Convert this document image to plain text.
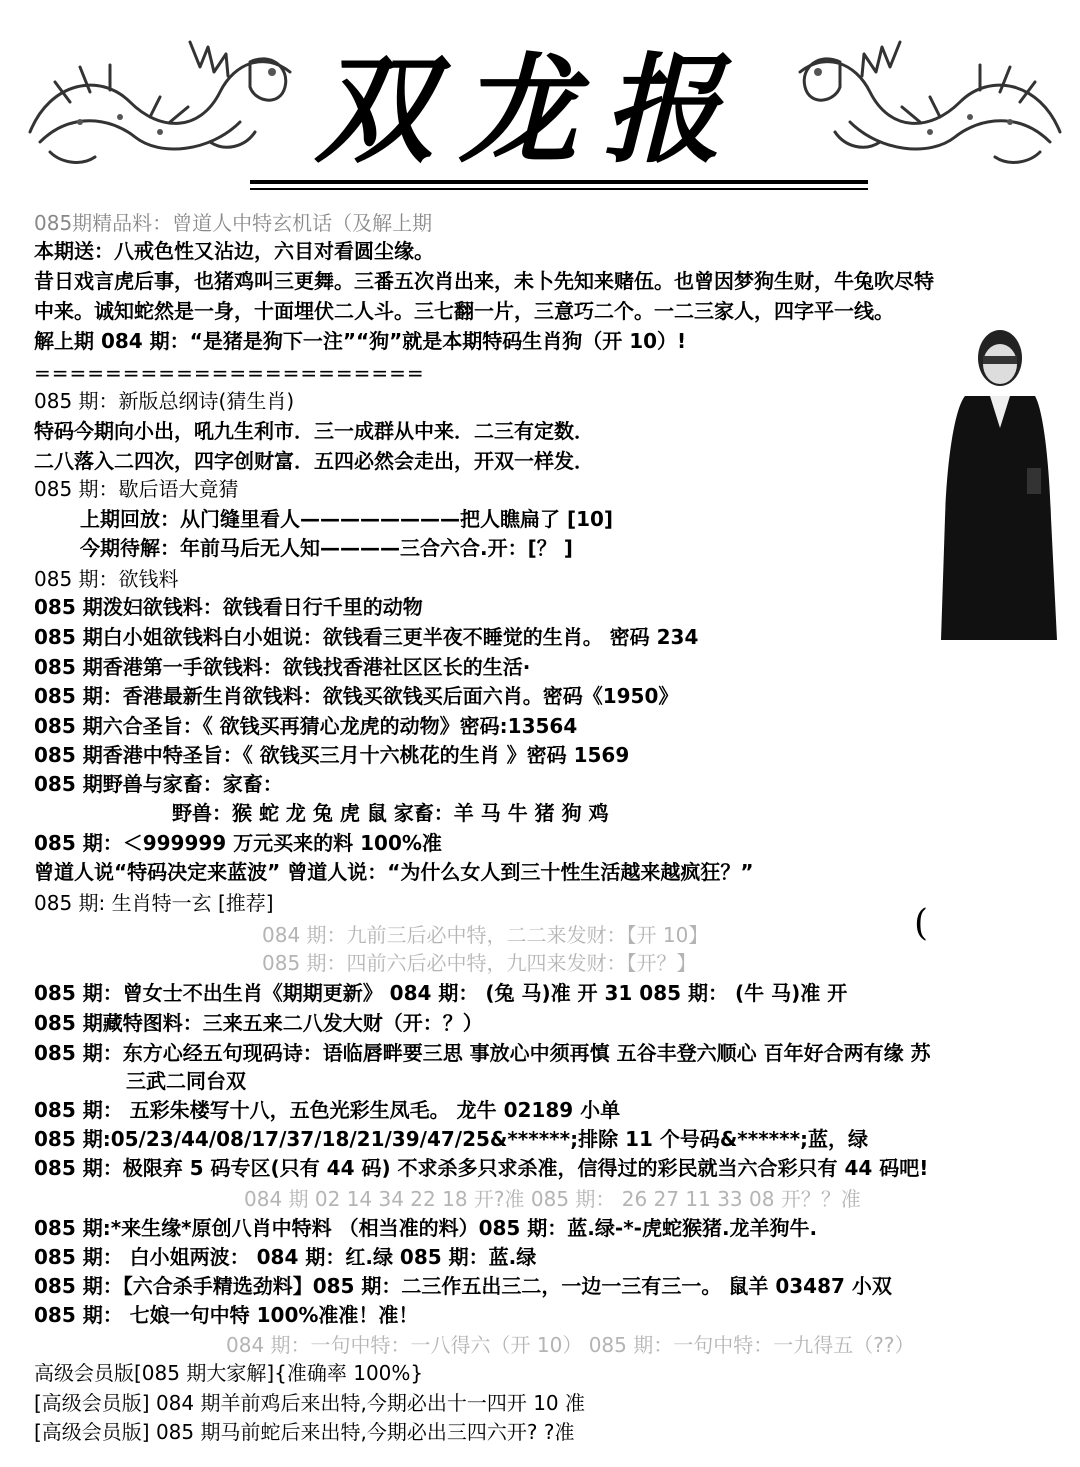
双龙报
(
085期精品料：曾道人中特玄机话（及解上期
本期送：八戒色性又沾边，六目对看圆尘缘。
昔日戏言虎后事，也猪鸡叫三更舞。三番五次肖出来，未卜先知来赌伍。也曾因梦狗生财，牛兔吹尽特
中来。诚知蛇然是一身，十面埋伏二人斗。三七翻一片，三意巧二个。一二三家人，四字平一线。
解上期 084 期：“是猪是狗下一注”“狗”就是本期特码生肖狗（开 10）!
======================
085 期：新版总纲诗(猜生肖)
特码今期向小出，吼九生利市．三一成群从中来．二三有定数．
二八落入二四次，四字创财富．五四必然会走出，开双一样发．
085 期：歇后语大竟猜
上期回放：从门缝里看人————————把人瞧扁了 [10]
今期待解：年前马后无人知————三合六合.开：[？ ]
085 期：欲钱料
085 期泼妇欲钱料：欲钱看日行千里的动物
085 期白小姐欲钱料白小姐说：欲钱看三更半夜不睡觉的生肖。 密码 234
085 期香港第一手欲钱料：欲钱找香港社区区长的生活·
085 期：香港最新生肖欲钱料：欲钱买欲钱买后面六肖。密码《1950》
085 期六合圣旨：《 欲钱买再猜心龙虎的动物》密码:13564
085 期香港中特圣旨：《 欲钱买三月十六桃花的生肖 》密码 1569
085 期野兽与家畜：家畜：
野兽：猴 蛇 龙 兔 虎 鼠 家畜：羊 马 牛 猪 狗 鸡
085 期：＜999999 万元买来的料 100%准
曾道人说“特码决定来蓝波” 曾道人说：“为什么女人到三十性生活越来越疯狂？”
085 期: 生肖特一玄 [推荐]
084 期：九前三后必中特，二二来发财：【开 10】
085 期：四前六后必中特，九四来发财：【开？】
085 期：曾女士不出生肖《期期更新》 084 期： (兔 马)准 开 31 085 期： (牛 马)准 开
085 期藏特图料：三来五来二八发大财（开：？）
085 期：东方心经五句现码诗：语临唇畔要三思 事放心中须再慎 五谷丰登六顺心 百年好合两有缘 苏
三武二同台双
085 期： 五彩朱楼写十八，五色光彩生凤毛。 龙牛 02189 小单
085 期:05/23/44/08/17/37/18/21/39/47/25&******;排除 11 个号码&******;蓝，绿
085 期：极限弃 5 码专区(只有 44 码) 不求杀多只求杀准，信得过的彩民就当六合彩只有 44 码吧!
084 期 02 14 34 22 18 开?准 085 期： 26 27 11 33 08 开？？准
085 期:*来生缘*原创八肖中特料 （相当准的料）085 期：蓝.绿-*-虎蛇猴猪.龙羊狗牛.
085 期： 白小姐两波： 084 期：红.绿 085 期：蓝.绿
085 期：【六合杀手精选劲料】085 期：二三作五出三二，一边一三有三一。 鼠羊 03487 小双
085 期： 七娘一句中特 100%准准！准！
084 期：一句中特：一八得六（开 10） 085 期：一句中特：一九得五（??）
高级会员版[085 期大家解]{准确率 100%}
[高级会员版] 084 期羊前鸡后来出特,今期必出十一四开 10 准
[高级会员版] 085 期马前蛇后来出特,今期必出三四六开? ?准
